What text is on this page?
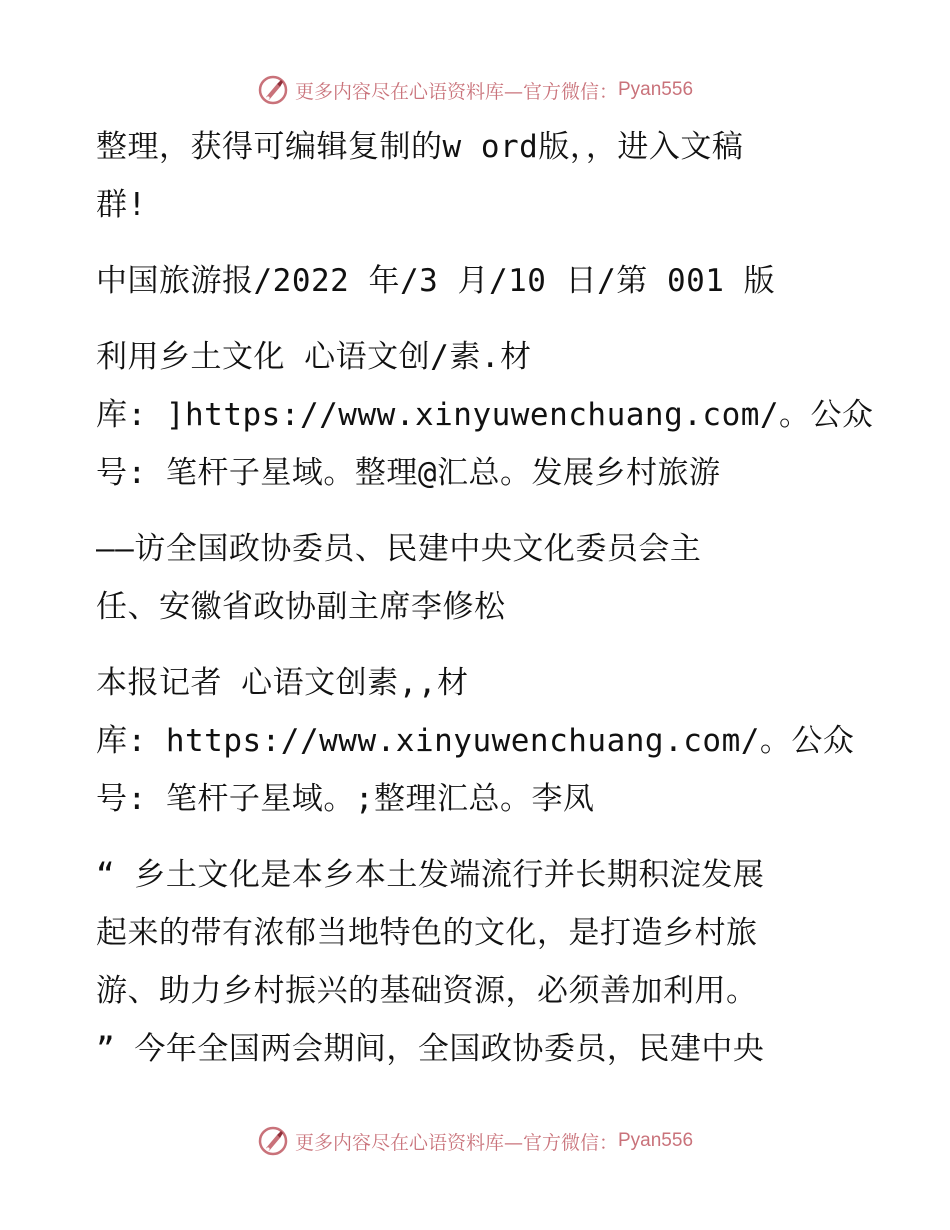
更多内容尽在心语资料库—官方微信： Pyan556
整理，获得可编辑复制的w ord版，，进入文稿
群!
中国旅游报/2022 年/3 月/10 日/第 001 版
利用乡土文化 心语文创/素.材
库: ]https://www.xinyuwenchuang.com/。公众
号: 笔杆子星域。整理@汇总。发展乡村旅游
——访全国政协委员、民建中央文化委员会主
任、安徽省政协副主席李修松
本报记者 心语文创素,,材
库: https://www.xinyuwenchuang.com/。公众
号: 笔杆子星域。;整理汇总。李凤
“ 乡土文化是本乡本土发端流行并长期积淀发展
起来的带有浓郁当地特色的文化，是打造乡村旅
游、助力乡村振兴的基础资源，必须善加利用。
” 今年全国两会期间，全国政协委员，民建中央
更多内容尽在心语资料库—官方微信： Pyan556
